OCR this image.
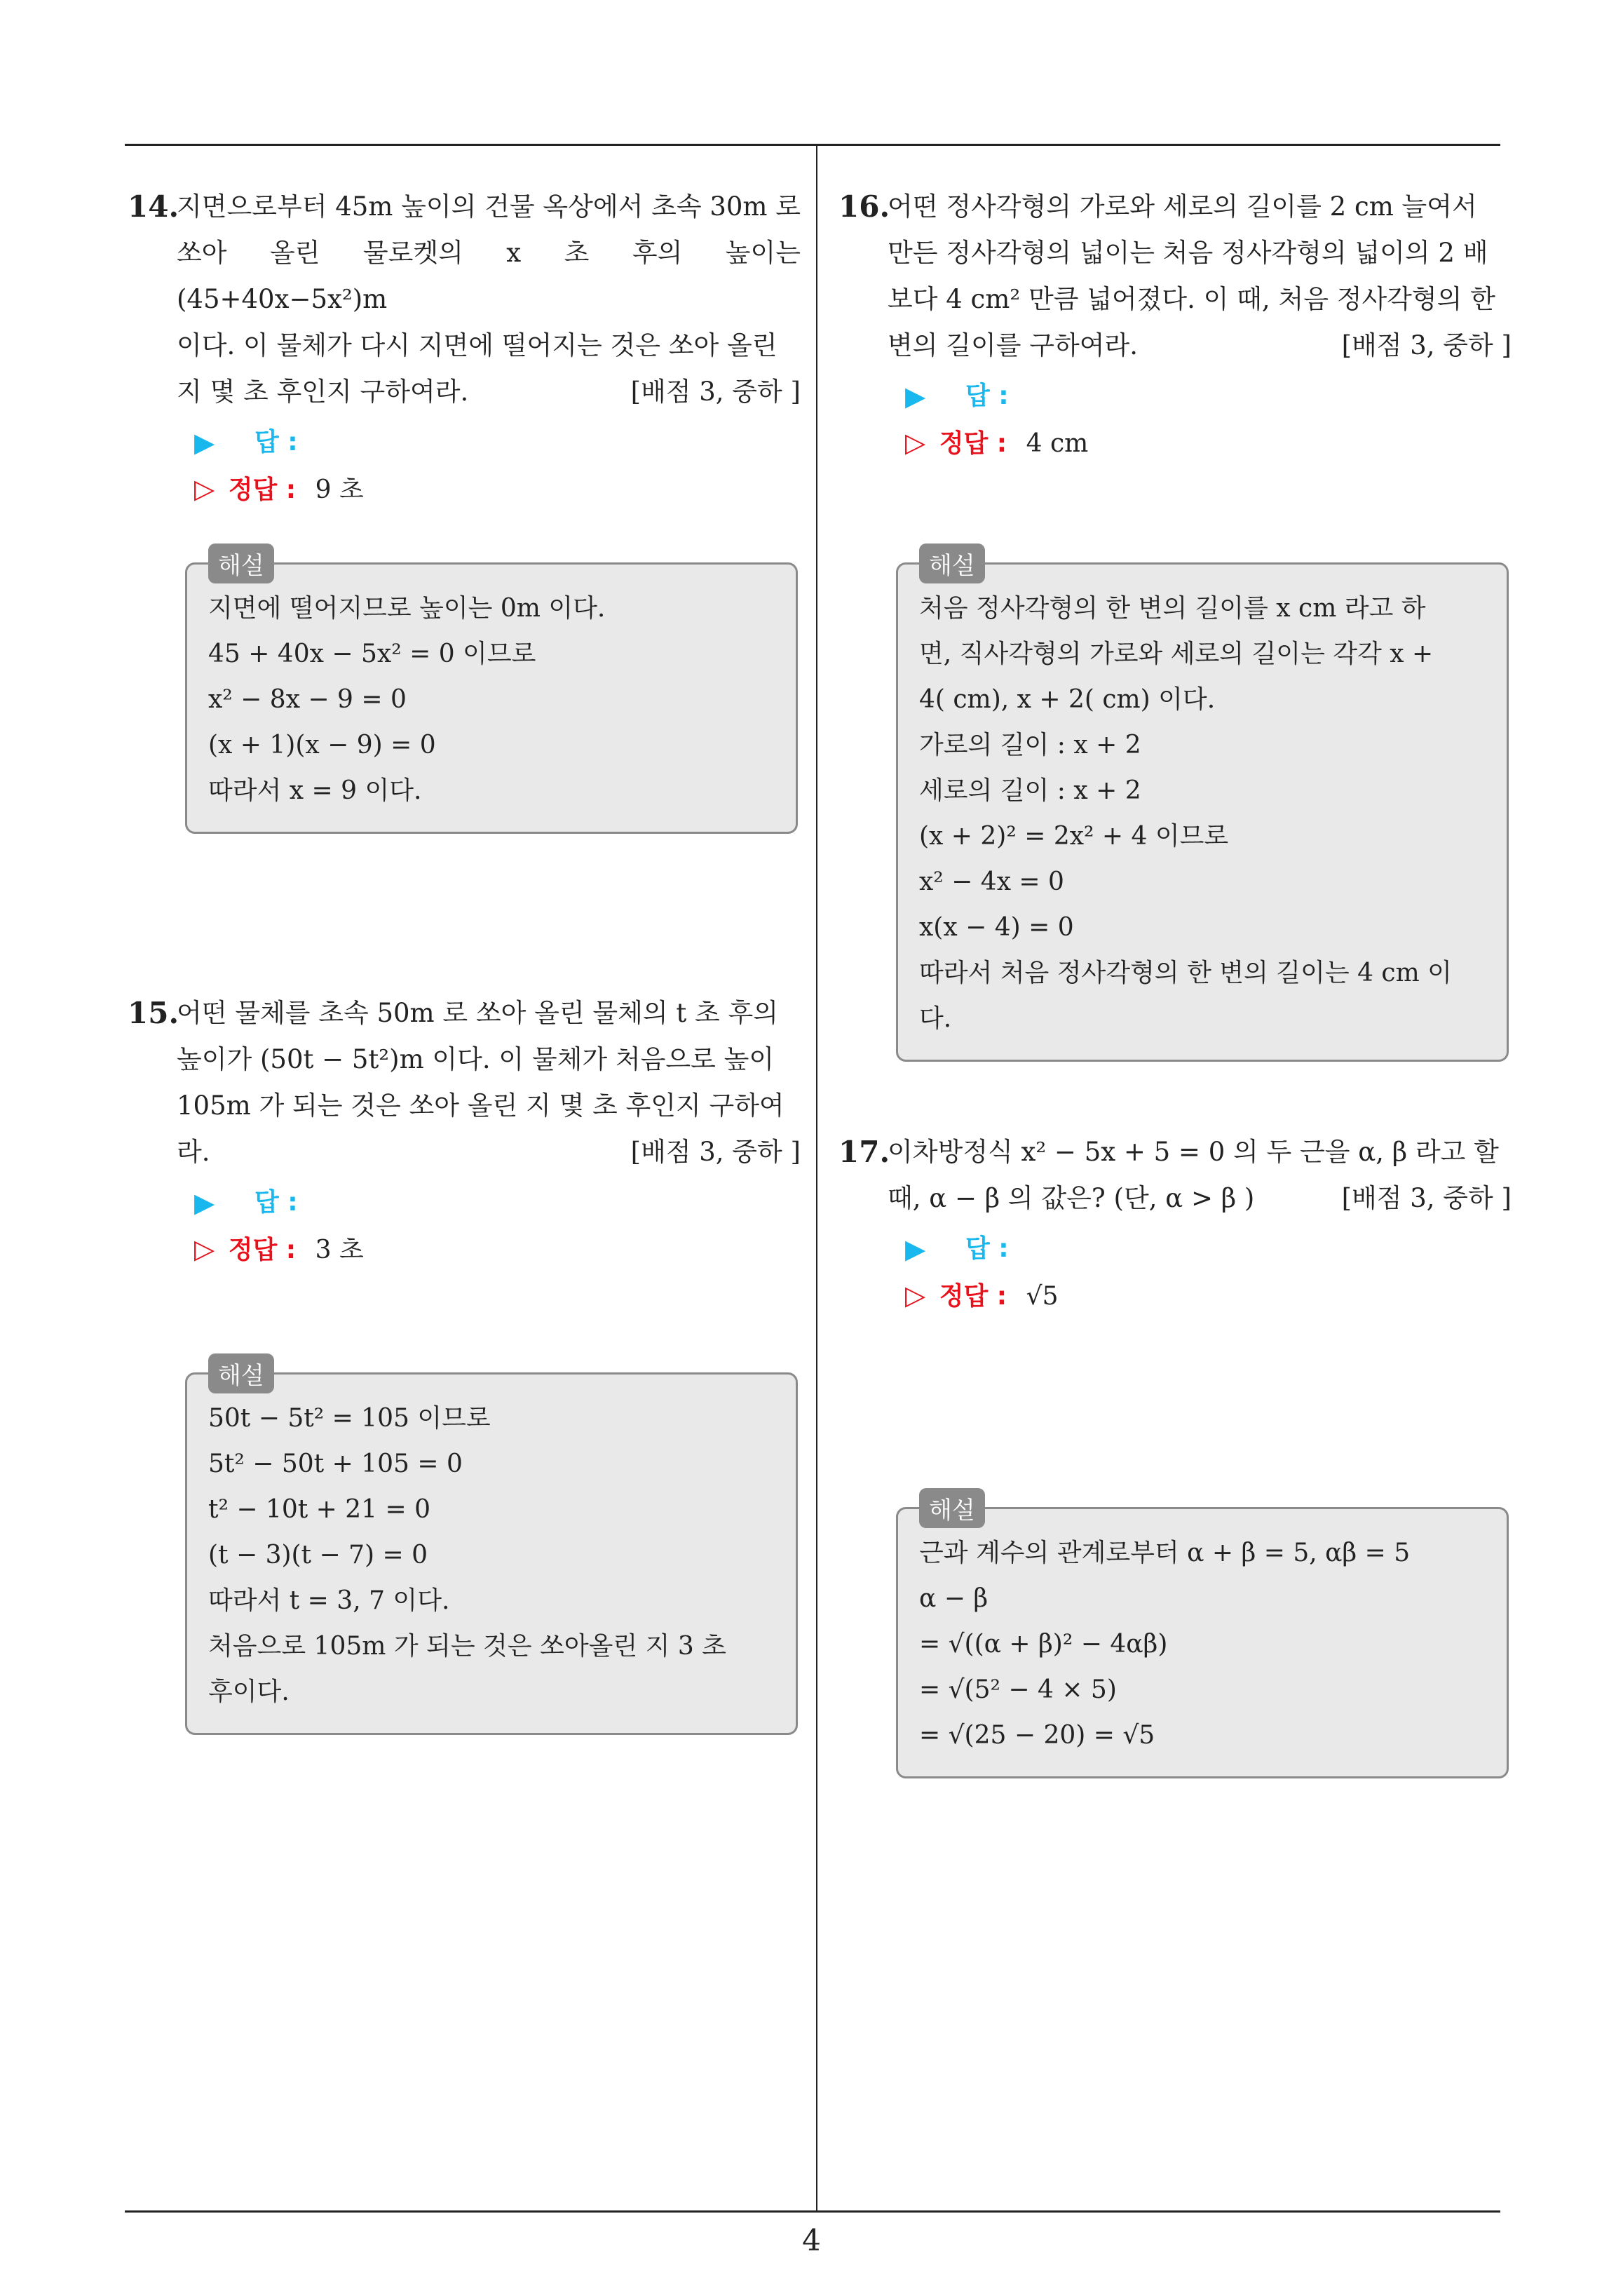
14.
지면으로부터 45m 높이의 건물 옥상에서 초속 30m 로
쏘아 올린 물로켓의 x 초 후의 높이는 (45+40x−5x²)m
이다. 이 물체가 다시 지면에 떨어지는 것은 쏘아 올린
지 몇 초 후인지 구하여라.	[배점 3, 중하 ]
▶ 답 :
▷ 정답 : 9 초
해설
지면에 떨어지므로 높이는 0m 이다.
45 + 40x − 5x² = 0 이므로
x² − 8x − 9 = 0
(x + 1)(x − 9) = 0
따라서 x = 9 이다.
15.
어떤 물체를 초속 50m 로 쏘아 올린 물체의 t 초 후의
높이가 (50t − 5t²)m 이다. 이 물체가 처음으로 높이
105m 가 되는 것은 쏘아 올린 지 몇 초 후인지 구하여
라.	[배점 3, 중하 ]
▶ 답 :
▷ 정답 : 3 초
해설
50t − 5t² = 105 이므로
5t² − 50t + 105 = 0
t² − 10t + 21 = 0
(t − 3)(t − 7) = 0
따라서 t = 3, 7 이다.
처음으로 105m 가 되는 것은 쏘아올린 지 3 초
후이다.
16.
어떤 정사각형의 가로와 세로의 길이를 2 cm 늘여서
만든 정사각형의 넓이는 처음 정사각형의 넓이의 2 배
보다 4 cm² 만큼 넓어졌다. 이 때, 처음 정사각형의 한
변의 길이를 구하여라.	[배점 3, 중하 ]
▶ 답 :
▷ 정답 : 4 cm
해설
처음 정사각형의 한 변의 길이를 x cm 라고 하
면, 직사각형의 가로와 세로의 길이는 각각 x +
4( cm), x + 2( cm) 이다.
가로의 길이 : x + 2
세로의 길이 : x + 2
(x + 2)² = 2x² + 4 이므로
x² − 4x = 0
x(x − 4) = 0
따라서 처음 정사각형의 한 변의 길이는 4 cm 이
다.
17.
이차방정식 x² − 5x + 5 = 0 의 두 근을 α, β 라고 할
때, α − β 의 값은? (단, α > β )	[배점 3, 중하 ]
▶ 답 :
▷ 정답 : √5
해설
근과 계수의 관계로부터 α + β = 5, αβ = 5
α − β
= √((α + β)² − 4αβ)
= √(5² − 4 × 5)
= √(25 − 20) = √5
4
